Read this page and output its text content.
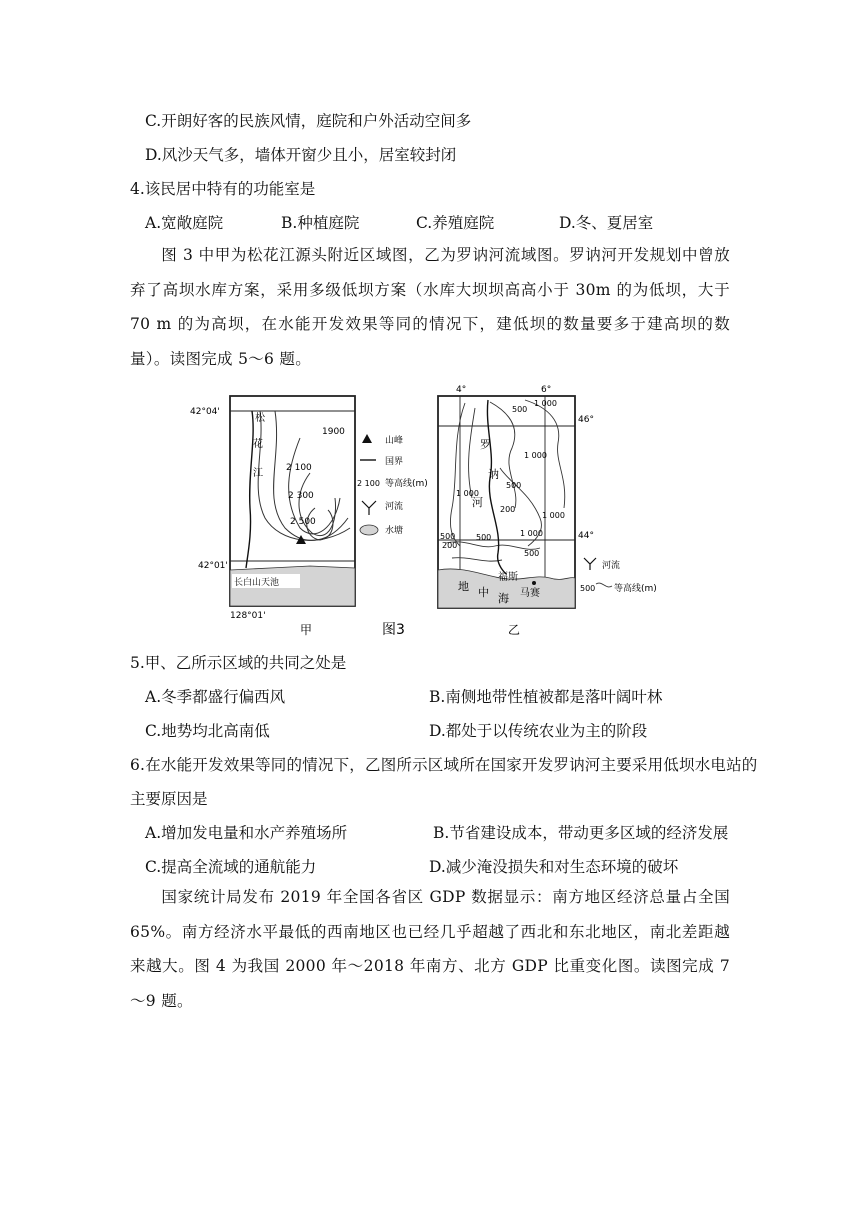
C.开朗好客的民族风情，庭院和户外活动空间多
D.风沙天气多，墙体开窗少且小，居室较封闭
4.该民居中特有的功能室是
A.宽敞庭院	B.种植庭院	C.养殖庭院	D.冬、夏居室
图 3 中甲为松花江源头附近区域图，乙为罗讷河流域图。罗讷河开发规划中曾放弃了高坝水库方案，采用多级低坝方案（水库大坝坝高高小于 30m 的为低坝，大于 70 m 的为高坝，在水能开发效果等同的情况下，建低坝的数量要多于建高坝的数量）。读图完成 5～6 题。
长白山天池
42°04'
42°01'
128°01'
松
花
江
1900
2 100
2 300
2 500
甲
山峰
国界
2 100 等高线(m)
河流
水塘
图3
4°	6°
46°
44°
500
1 000
1 000
500
1 000
1 000
200
500
500
1 000
500
200
罗
讷
河
福斯
马赛
地 中 海
乙
河流
500 等高线(m)
5.甲、乙所示区域的共同之处是
A.冬季都盛行偏西风	B.南侧地带性植被都是落叶阔叶林
C.地势均北高南低	D.都处于以传统农业为主的阶段
6.在水能开发效果等同的情况下，乙图所示区域所在国家开发罗讷河主要采用低坝水电站的
主要原因是
A.增加发电量和水产养殖场所	B.节省建设成本，带动更多区域的经济发展
C.提高全流域的通航能力	D.减少淹没损失和对生态环境的破坏
国家统计局发布 2019 年全国各省区 GDP 数据显示：南方地区经济总量占全国 65%。南方经济水平最低的西南地区也已经几乎超越了西北和东北地区，南北差距越来越大。图 4 为我国 2000 年～2018 年南方、北方 GDP 比重变化图。读图完成 7～9 题。
